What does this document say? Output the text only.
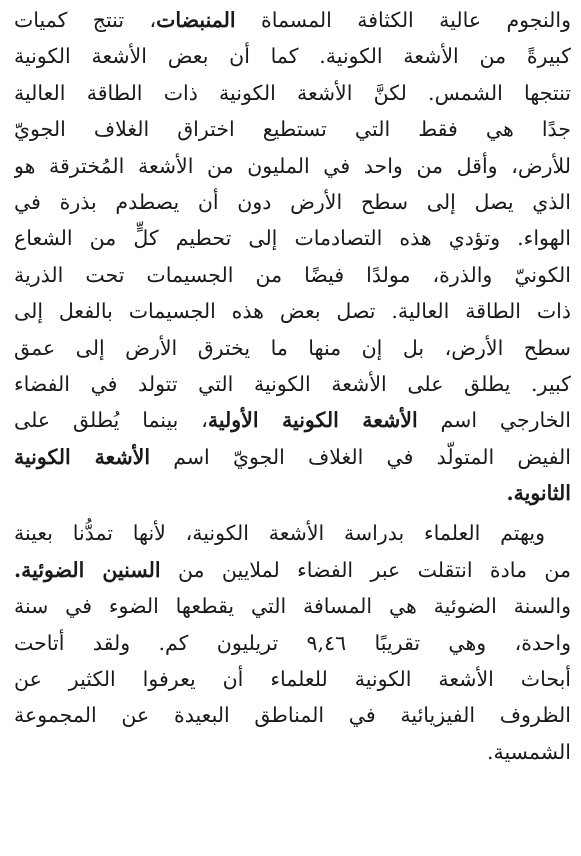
والنجوم عالية الكثافة المسماة المنبضات، تنتج كميات
كبيرةً من الأشعة الكونية. كما أن بعض الأشعة الكونية
تنتجها الشمس. لكنَّ الأشعة الكونية ذات الطاقة العالية
جدًا هي فقط التي تستطيع اختراق الغلاف الجويّ
للأرض، وأقل من واحد في المليون من الأشعة المُخترقة هو
الذي يصل إلى سطح الأرض دون أن يصطدم بذرة في
الهواء. وتؤدي هذه التصادمات إلى تحطيم كلٍّ من الشعاع
الكونيّ والذرة، مولدًا فيضًا من الجسيمات تحت الذرية
ذات الطاقة العالية. تصل بعض هذه الجسيمات بالفعل إلى
سطح الأرض، بل إن منها ما يخترق الأرض إلى عمق
كبير. يطلق على الأشعة الكونية التي تتولد في الفضاء
الخارجي اسم الأشعة الكونية الأولية، بينما يُطلق على
الفيض المتولّد في الغلاف الجويّ اسم الأشعة الكونية
الثانوية.
ويهتم العلماء بدراسة الأشعة الكونية، لأنها تمدُّنا بعينة
من مادة انتقلت عبر الفضاء لملايين من السنين الضوئية.
والسنة الضوئية هي المسافة التي يقطعها الضوء في سنة
واحدة، وهي تقريبًا ٩,٤٦ تريليون كم. ولقد أتاحت
أبحاث الأشعة الكونية للعلماء أن يعرفوا الكثير عن
الظروف الفيزيائية في المناطق البعيدة عن المجموعة
الشمسية.
